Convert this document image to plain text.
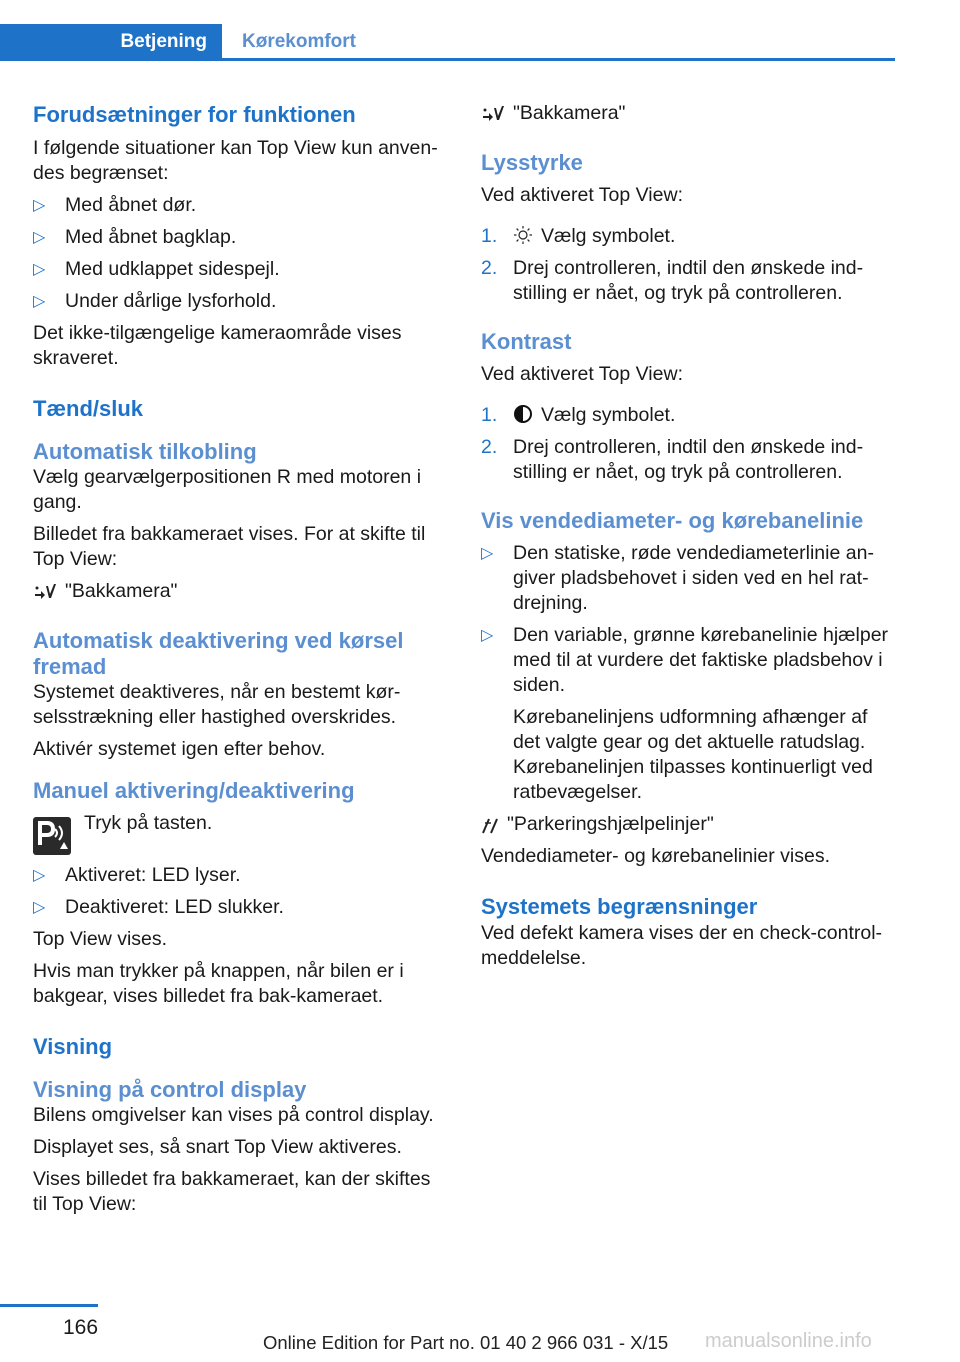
Betjening	Kørekomfort
Forudsætninger for funktionen

I følgende situationer kan Top View kun anvendes begrænset:

▷ Med åbnet dør.
▷ Med åbnet bagklap.
▷ Med udklappet sidespejl.
▷ Under dårlige lysforhold.

Det ikke-tilgængelige kameraområde vises skraveret.

Tænd/sluk
Automatisk tilkobling

Vælg gearvælgerpositionen R med motoren i gang.

Billedet fra bakkameraet vises. For at skifte til Top View:

"Bakkamera"
Automatisk deaktivering ved kørsel fremad

Systemet deaktiveres, når en bestemt kørselsstrækning eller hastighed overskrides.

Aktivér systemet igen efter behov.

Manuel aktivering/deaktivering
Tryk på tasten.
▷ Aktiveret: LED lyser.
▷ Deaktiveret: LED slukker.

Top View vises.

Hvis man trykker på knappen, når bilen er i bakgear, vises billedet fra bak-kameraet.

Visning
Visning på control display

Bilens omgivelser kan vises på control display.

Displayet ses, så snart Top View aktiveres.

Vises billedet fra bakkameraet, kan der skiftes til Top View:

"Bakkamera"
Lysstyrke

Ved aktiveret Top View:

1. Vælg symbolet.
2. Drej controlleren, indtil den ønskede indstilling er nået, og tryk på controlleren.
Kontrast

Ved aktiveret Top View:

1. Vælg symbolet.
2. Drej controlleren, indtil den ønskede indstilling er nået, og tryk på controlleren.
Vis vendediameter- og kørebanelinie
▷ Den statiske, røde vendediameterlinie angiver pladsbehovet i siden ved en hel ratdrejning.
▷ Den variable, grønne kørebanelinie hjælper med til at vurdere det faktiske pladsbehov i siden.

Kørebanelinjens udformning afhænger af det valgte gear og det aktuelle ratudslag. Kørebanelinjen tilpasses kontinuerligt ved ratbevægelser.

"Parkeringshjælpelinjer"

Vendediameter- og kørebanelinier vises.

Systemets begrænsninger

Ved defekt kamera vises der en check-control-meddelelse.

166
Online Edition for Part no. 01 40 2 966 031 - X/15 manualsonline.info
